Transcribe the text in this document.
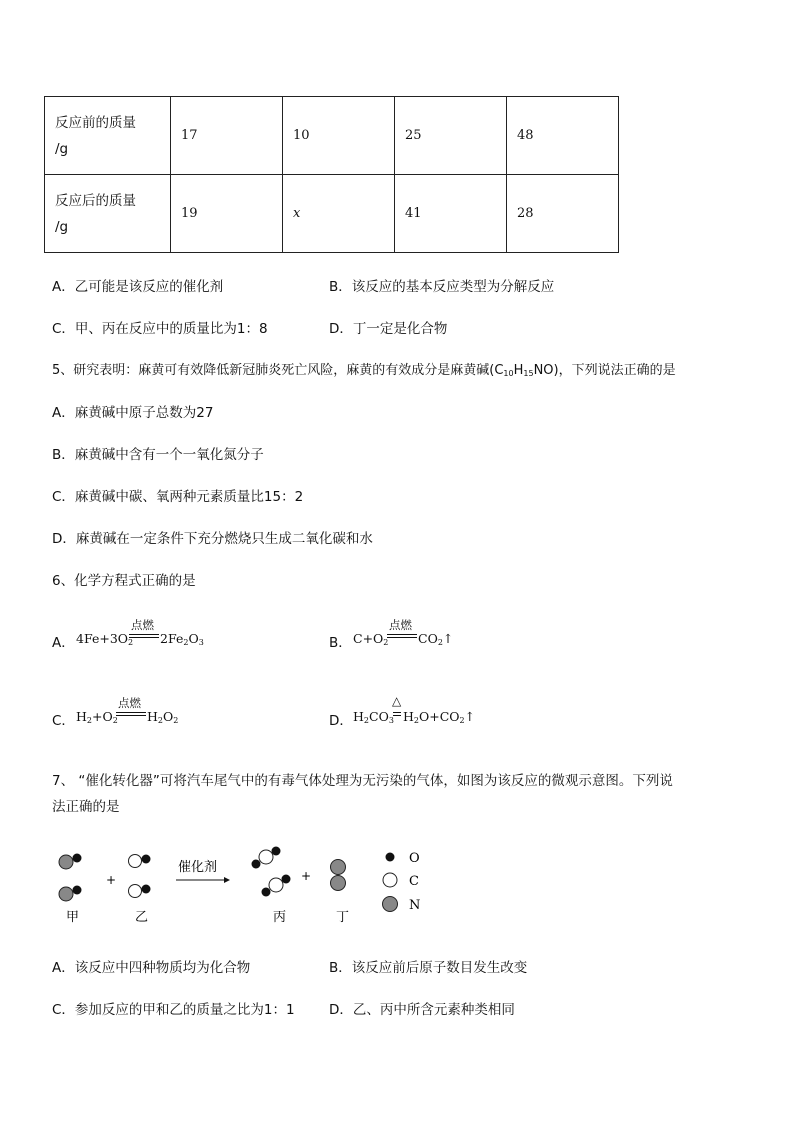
反应前的质量
/g	17	10	25	48
反应后的质量
/g	19	x	41	28
A．乙可能是该反应的催化剂	B．该反应的基本反应类型为分解反应
C．甲、丙在反应中的质量比为1：8	D．丁一定是化合物
5、研究表明：麻黄可有效降低新冠肺炎死亡风险，麻黄的有效成分是麻黄碱$(C_{10}H_{15}NO)$，下列说法正确的是
A．麻黄碱中原子总数为27
B．麻黄碱中含有一个一氧化氮分子
C．麻黄碱中碳、氧两种元素质量比15：2
D．麻黄碱在一定条件下充分燃烧只生成二氧化碳和水
6、化学方程式正确的是
A． $4Fe+3O_2$
点燃
$2Fe_2O_3$	B． $C+O_2$
点燃
$CO_2↑$
C． $H_2+O_2$
点燃
$H_2O_2$	D． $H_2CO_3$
△
$H_2O+CO_2↑$
7、 “催化转化器”可将汽车尾气中的有毒气体处理为无污染的气体，如图为该反应的微观示意图。下列说
法正确的是
+
催化剂
+
O
C
N
甲	乙	丙	丁
A．该反应中四种物质均为化合物	B．该反应前后原子数目发生改变
C．参加反应的甲和乙的质量之比为1：1	D．乙、丙中所含元素种类相同
